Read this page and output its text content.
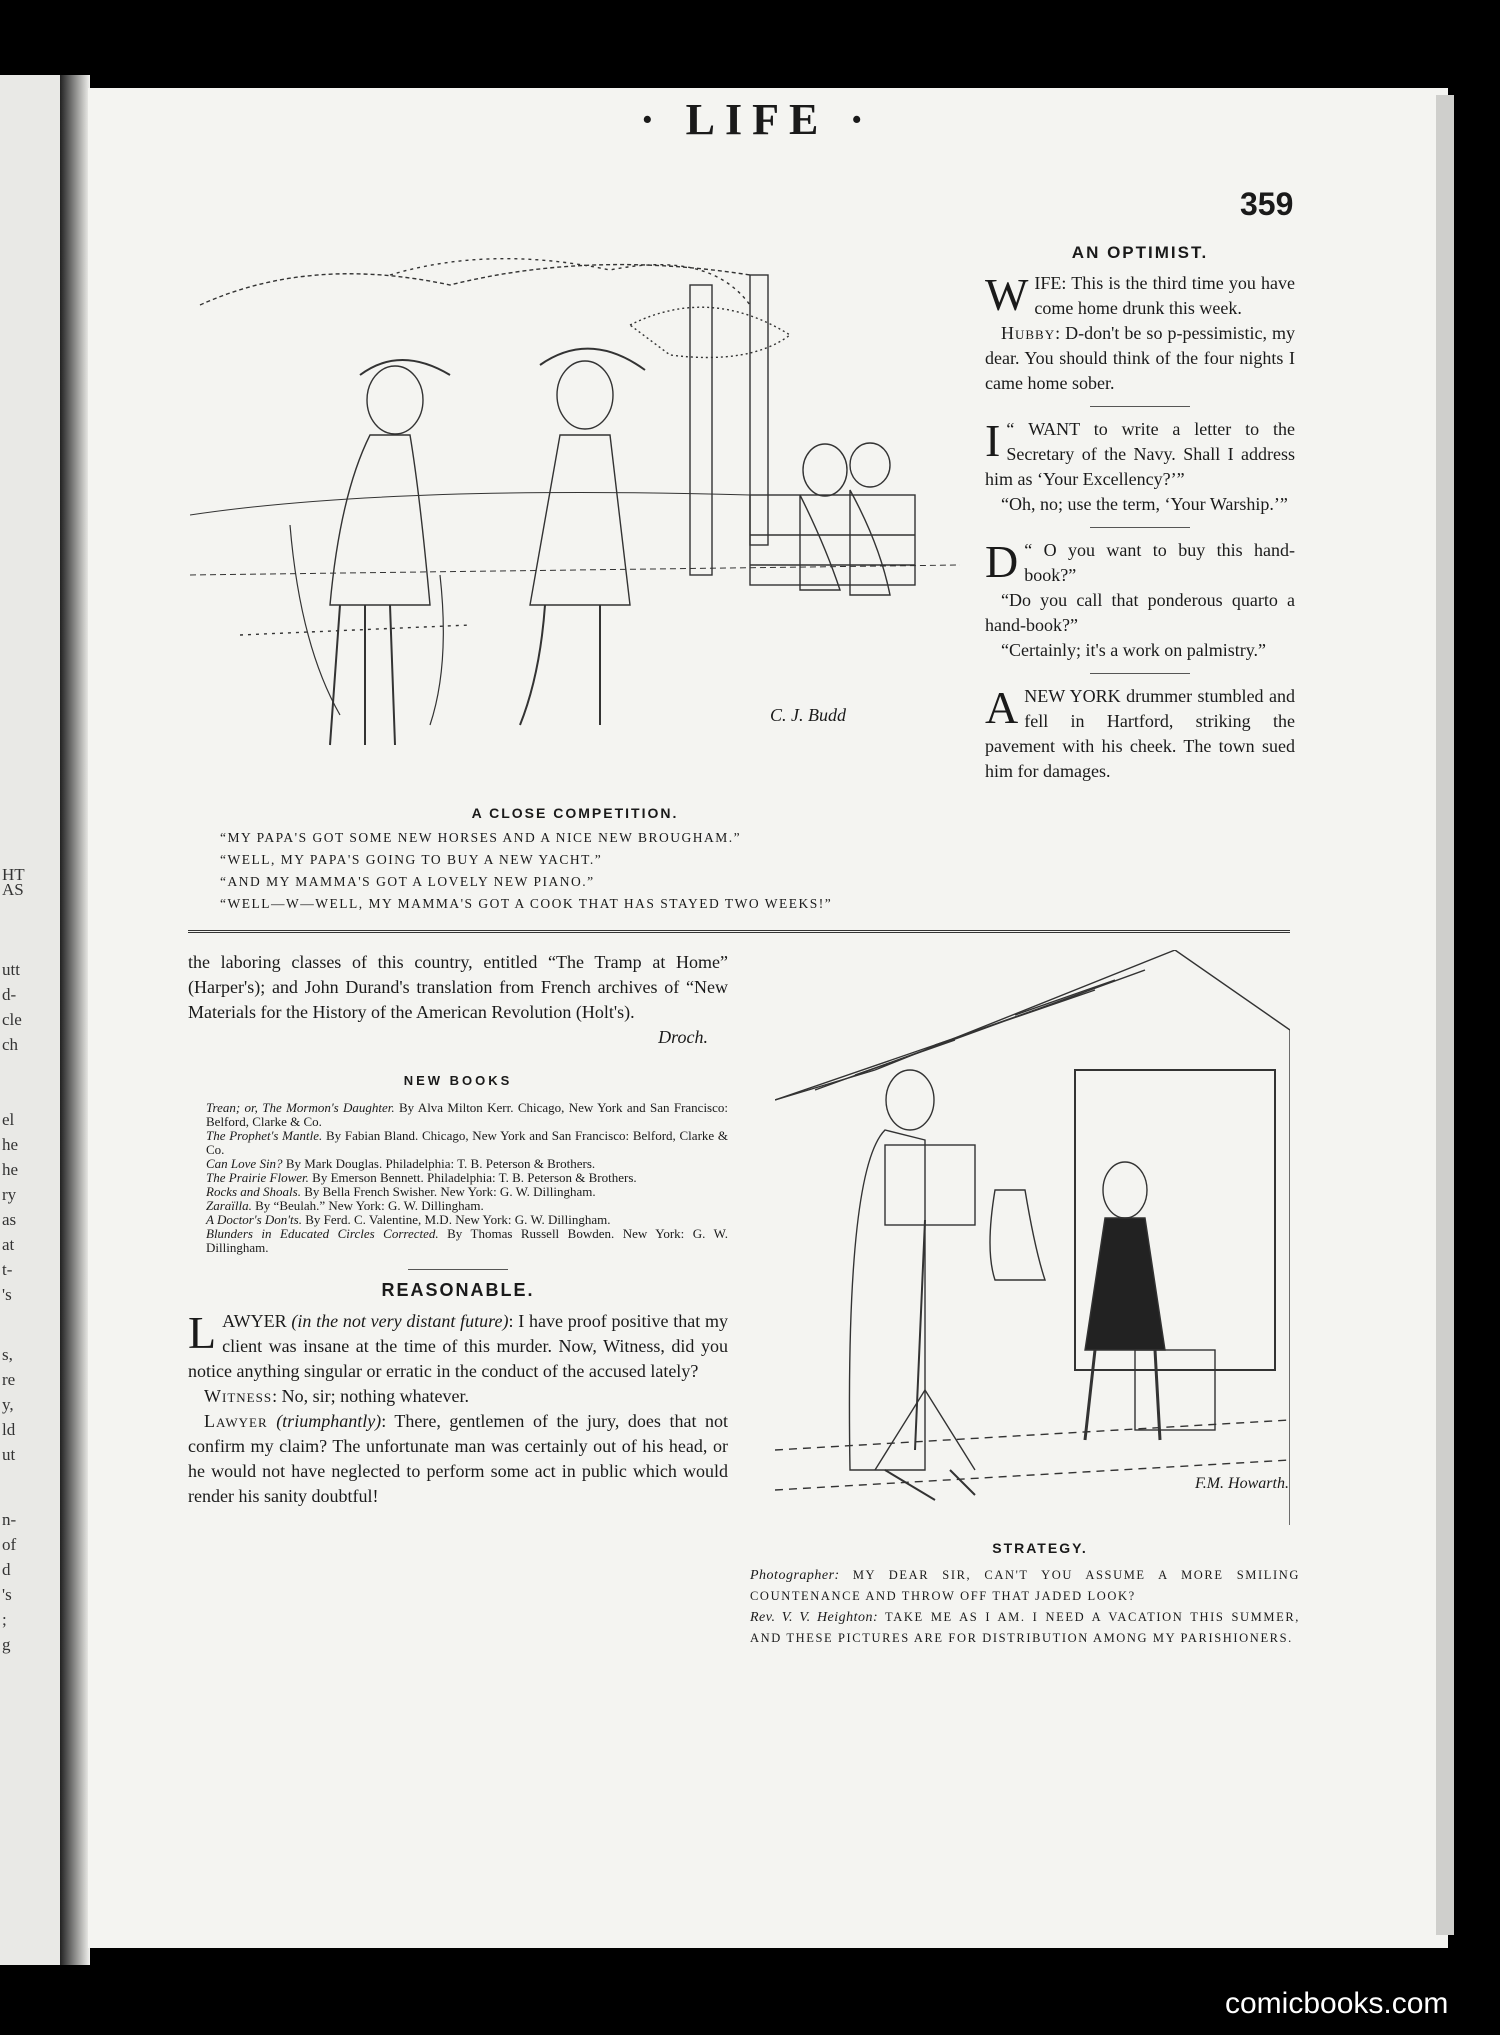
HT
AS
utt
d-
cle
ch
el
he
he
ry
as
at
t-
's
s,
re
y,
ld
ut
n-
of
d
's
;
g
· LIFE ·
359
C. J. Budd
A CLOSE COMPETITION.
“MY PAPA'S GOT SOME NEW HORSES AND A NICE NEW BROUGHAM.”
“WELL, MY PAPA'S GOING TO BUY A NEW YACHT.”
“AND MY MAMMA'S GOT A LOVELY NEW PIANO.”
“WELL—W—WELL, MY MAMMA'S GOT A COOK THAT HAS STAYED TWO WEEKS!”
AN OPTIMIST.

WIFE: This is the third time you have come home drunk this week.

Hubby: D-don't be so p-pessimistic, my dear. You should think of the four nights I came home sober.

“
I WANT to write a letter to the Secretary of the Navy. Shall I address him as ‘Your Excellency?’”

“Oh, no; use the term, ‘Your Warship.’”

“
D O you want to buy this hand-book?”

“Do you call that ponderous quarto a hand-book?”

“Certainly; it's a work on palmistry.”

ANEW YORK drummer stumbled and fell in Hartford, striking the pavement with his cheek. The town sued him for damages.

the laboring classes of this country, entitled “The Tramp at Home” (Harper's); and John Durand's translation from French archives of “New Materials for the History of the American Revolution (Holt's).

Droch.

NEW BOOKS

Trean; or, The Mormon's Daughter. By Alva Milton Kerr. Chicago, New York and San Francisco: Belford, Clarke & Co.

The Prophet's Mantle. By Fabian Bland. Chicago, New York and San Francisco: Belford, Clarke & Co.

Can Love Sin? By Mark Douglas. Philadelphia: T. B. Peterson & Brothers.

The Prairie Flower. By Emerson Bennett. Philadelphia: T. B. Peterson & Brothers.

Rocks and Shoals. By Bella French Swisher. New York: G. W. Dillingham.

Zaraïlla. By “Beulah.” New York: G. W. Dillingham.

A Doctor's Don'ts. By Ferd. C. Valentine, M.D. New York: G. W. Dillingham.

Blunders in Educated Circles Corrected. By Thomas Russell Bowden. New York: G. W. Dillingham.

REASONABLE.

LAWYER (in the not very distant future): I have proof positive that my client was insane at the time of this murder. Now, Witness, did you notice anything singular or erratic in the conduct of the accused lately?

Witness: No, sir; nothing whatever.

Lawyer (triumphantly): There, gentlemen of the jury, does that not confirm my claim? The unfortunate man was certainly out of his head, or he would not have neglected to perform some act in public which would render his sanity doubtful!

F.M. Howarth.
STRATEGY.
Photographer: MY DEAR SIR, CAN'T YOU ASSUME A MORE SMILING COUNTENANCE AND THROW OFF THAT JADED LOOK?
Rev. V. V. Heighton: TAKE ME AS I AM. I NEED A VACATION THIS SUMMER, AND THESE PICTURES ARE FOR DISTRIBUTION AMONG MY PARISHIONERS.
comicbooks.com
